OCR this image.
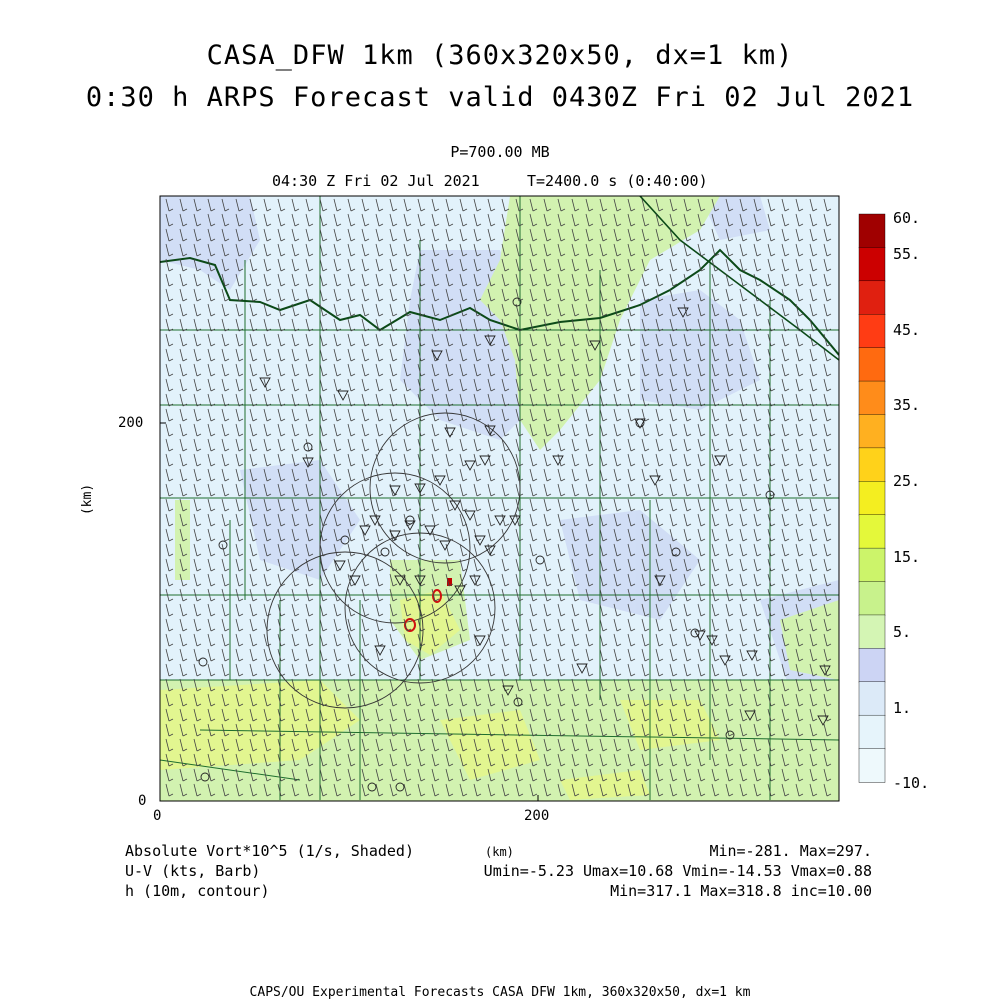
CASA_DFW 1km (360x320x50, dx=1 km)
0:30 h ARPS Forecast valid 0430Z Fri 02 Jul 2021
P=700.00 MB
04:30 Z Fri 02 Jul 2021	T=2400.0 s (0:40:00)
200
0
(km)
0	200
(km)
60.
55.
45.
35.
25.
15.
5.
1.
-10.
Absolute Vort*10^5 (1/s, Shaded)
U-V (kts, Barb)
h (10m, contour)
Min=-281. Max=297.
Umin=-5.23 Umax=10.68 Vmin=-14.53 Vmax=0.88
Min=317.1 Max=318.8 inc=10.00
CAPS/OU Experimental Forecasts CASA DFW 1km, 360x320x50, dx=1 km
